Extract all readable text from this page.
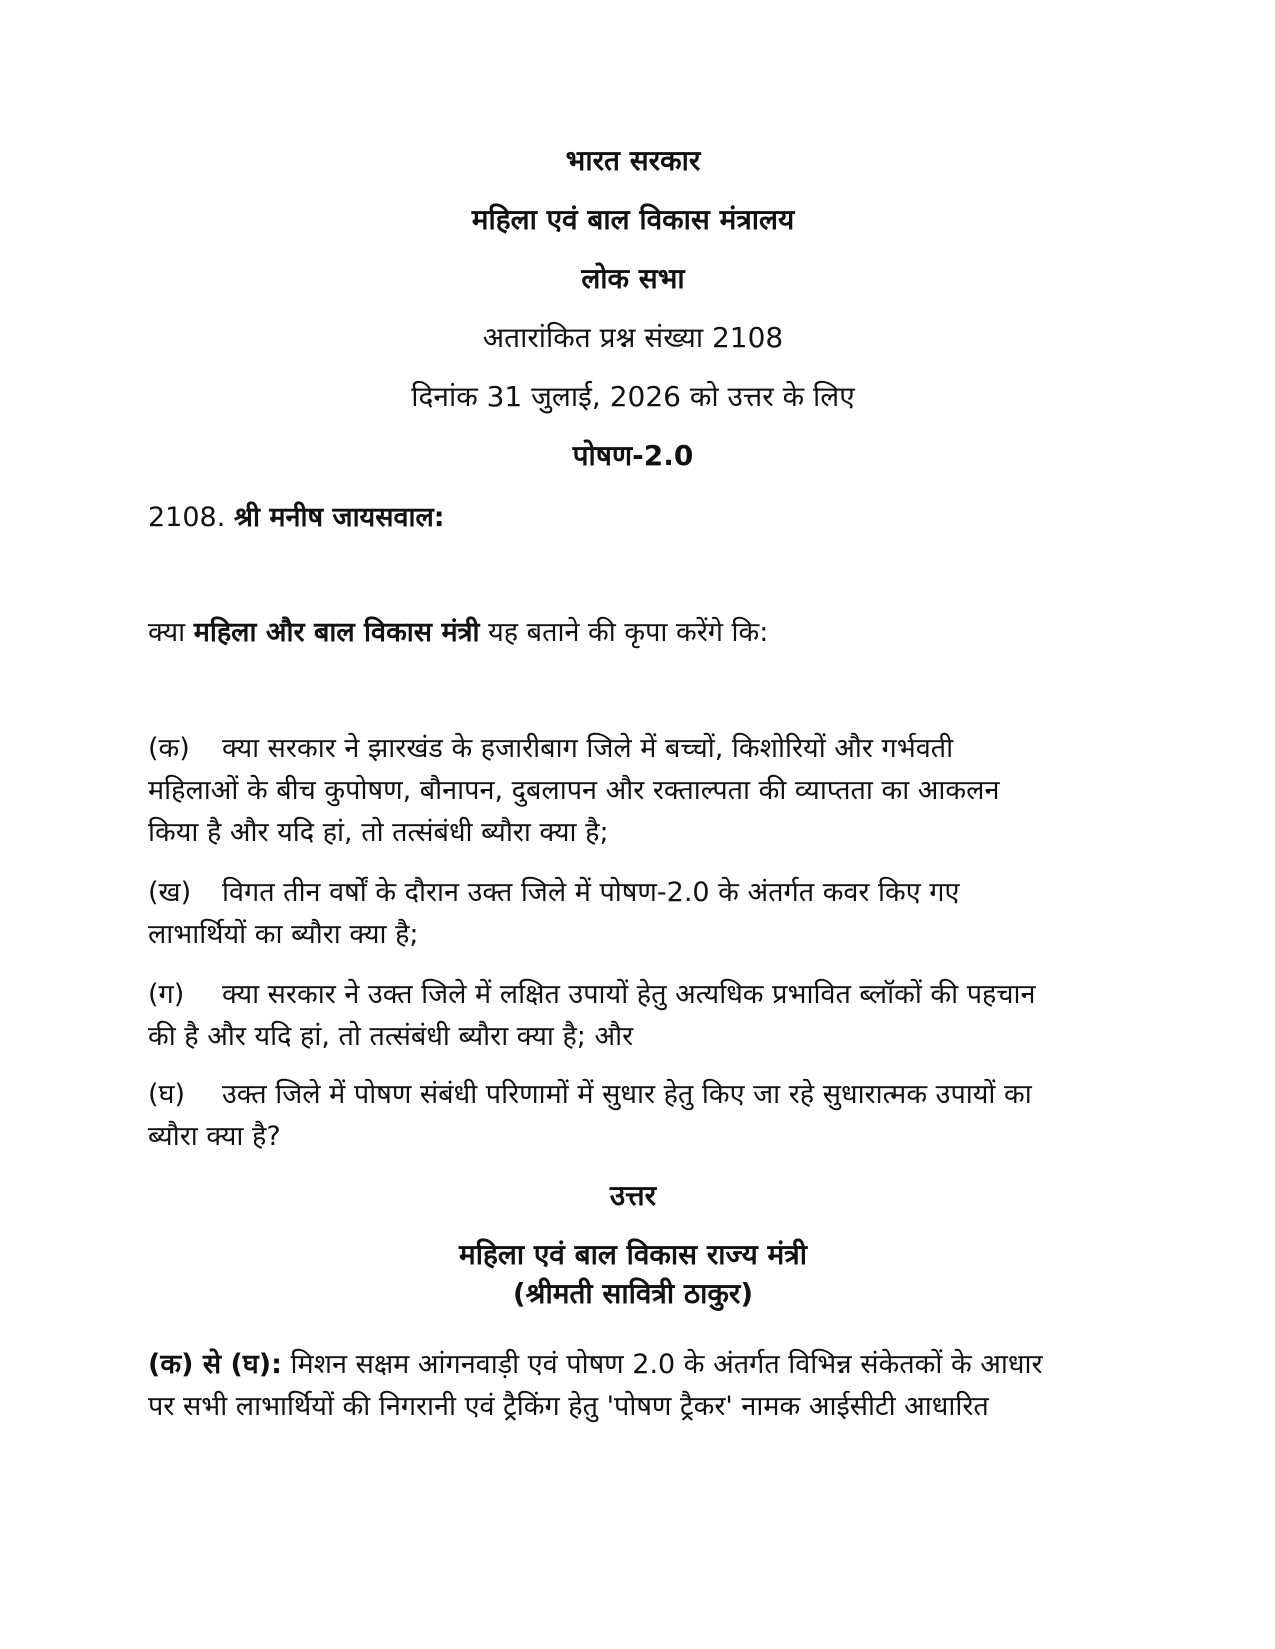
भारत सरकार
महिला एवं बाल विकास मंत्रालय
लोक सभा
अतारांकित प्रश्न संख्या 2108
दिनांक 31 जुलाई, 2026 को उत्तर के लिए
पोषण-2.0
2108. श्री मनीष जायसवाल:
क्या महिला और बाल विकास मंत्री यह बताने की कृपा करेंगे कि:
(क) क्या सरकार ने झारखंड के हजारीबाग जिले में बच्चों, किशोरियों और गर्भवती
महिलाओं के बीच कुपोषण, बौनापन, दुबलापन और रक्ताल्पता की व्याप्तता का आकलन
किया है और यदि हां, तो तत्संबंधी ब्यौरा क्या है;
(ख) विगत तीन वर्षों के दौरान उक्त जिले में पोषण-2.0 के अंतर्गत कवर किए गए
लाभार्थियों का ब्यौरा क्या है;
(ग) क्या सरकार ने उक्त जिले में लक्षित उपायों हेतु अत्यधिक प्रभावित ब्लॉकों की पहचान
की है और यदि हां, तो तत्संबंधी ब्यौरा क्या है; और
(घ) उक्त जिले में पोषण संबंधी परिणामों में सुधार हेतु किए जा रहे सुधारात्मक उपायों का
ब्यौरा क्या है?
उत्तर
महिला एवं बाल विकास राज्य मंत्री
(श्रीमती सावित्री ठाकुर)
(क) से (घ): मिशन सक्षम आंगनवाड़ी एवं पोषण 2.0 के अंतर्गत विभिन्न संकेतकों के आधार
पर सभी लाभार्थियों की निगरानी एवं ट्रैकिंग हेतु 'पोषण ट्रैकर' नामक आईसीटी आधारित
